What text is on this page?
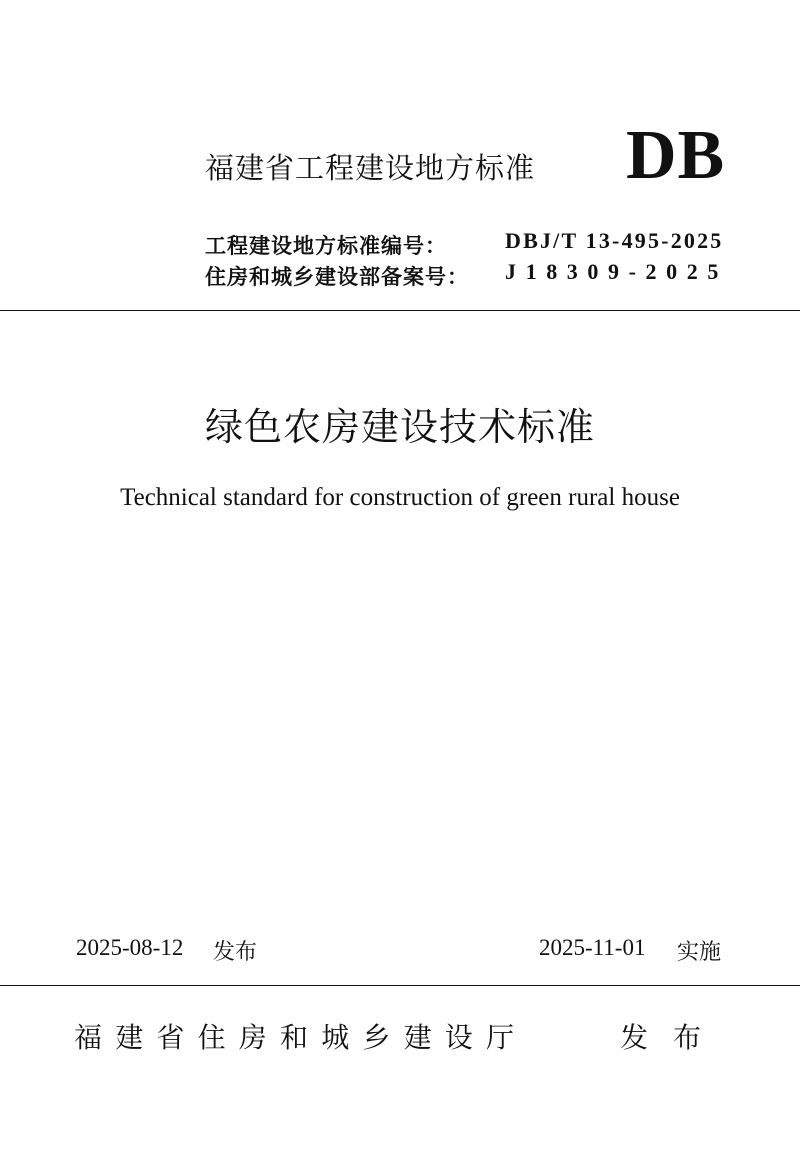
福建省工程建设地方标准 DB
工程建设地方标准编号：	DBJ/T 13-495-2025
住房和城乡建设部备案号： J18309-2025
绿色农房建设技术标准
Technical standard for construction of green rural house
2025-08-12 发布	2025-11-01 实施
福建省住房和城乡建设厅	发布
